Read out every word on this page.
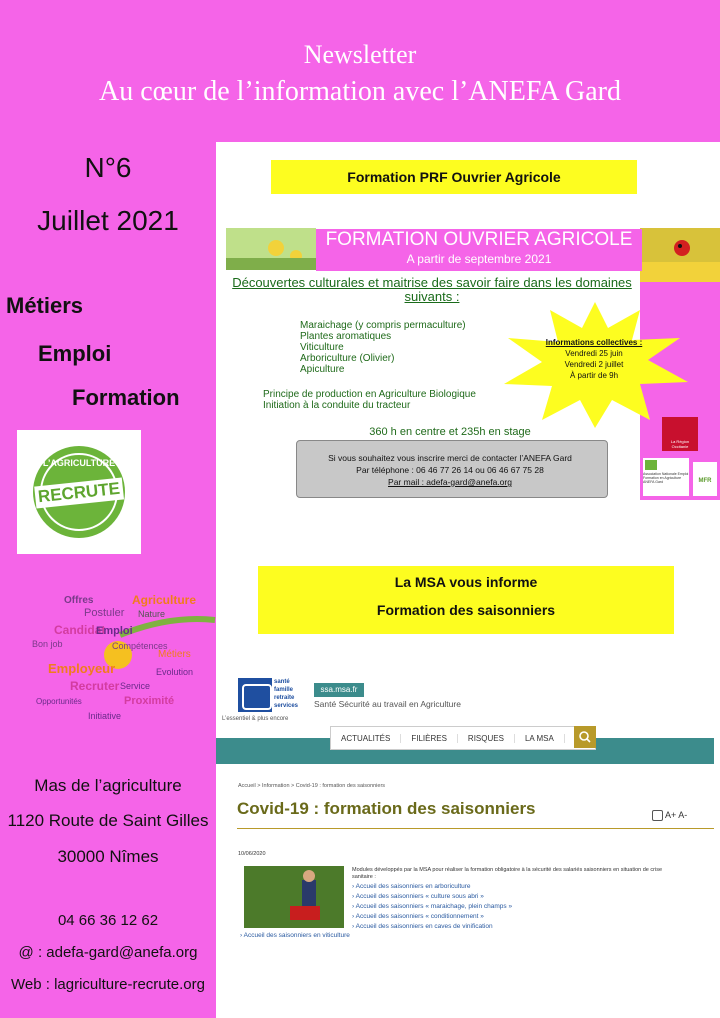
Newsletter
Au cœur de l’information avec l’ANEFA Gard
N°6
Juillet 2021
Métiers
Emploi
Formation
L’AGRICULTURE
RECRUTE
Offres	Agriculture
Postuler Nature
Candidat
Emploi
Compétences
Employeur
Recruter Service
Evolution
Proximité
Opportunités
Initiative
Bon job
Métiers
Mas de l’agriculture
1120 Route de Saint Gilles
30000 Nîmes
04 66 36 12 62
@ : adefa-gard@anefa.org
Web : lagriculture-recrute.org
Formation PRF Ouvrier Agricole
FORMATION OUVRIER AGRICOLE
A partir de septembre 2021
Découvertes culturales et maitrise des savoir faire dans les domaines suivants :
Maraichage (y compris permaculture)
Plantes aromatiques
Viticulture
Arboriculture (Olivier)
Apiculture
Principe de production en Agriculture Biologique
Initiation à la conduite du tracteur
Informations collectives :
Vendredi 25 juin
Vendredi 2 juillet
À partir de 9h
360 h en centre et 235h en stage
Si vous souhaitez vous inscrire merci de contacter l’ANEFA Gard
Par téléphone : 06 46 77 26 14 ou 06 46 67 75 28
Par mail : adefa-gard@anefa.org
La Région Occitanie
Association Nationale Emploi Formation en Agriculture
ANEFA Gard	MFR
La MSA vous informe
Formation des saisonniers
santé
famille
retraite
services
L’essentiel & plus encore
ssa.msa.fr
Santé Sécurité au travail en Agriculture
ACTUALITÉS	FILIÈRES	RISQUES	LA MSA
Accueil > Information > Covid-19 : formation des saisonniers
Covid-19 : formation des saisonniers	A+ A-
10/06/2020
Modules développés par la MSA pour réaliser la formation obligatoire à la sécurité des salariés saisonniers en situation de crise sanitaire :
› Accueil des saisonniers en arboriculture
› Accueil des saisonniers « culture sous abri »
› Accueil des saisonniers « maraichage, plein champs »
› Accueil des saisonniers « conditionnement »
› Accueil des saisonniers en caves de vinification
› Accueil des saisonniers en viticulture
